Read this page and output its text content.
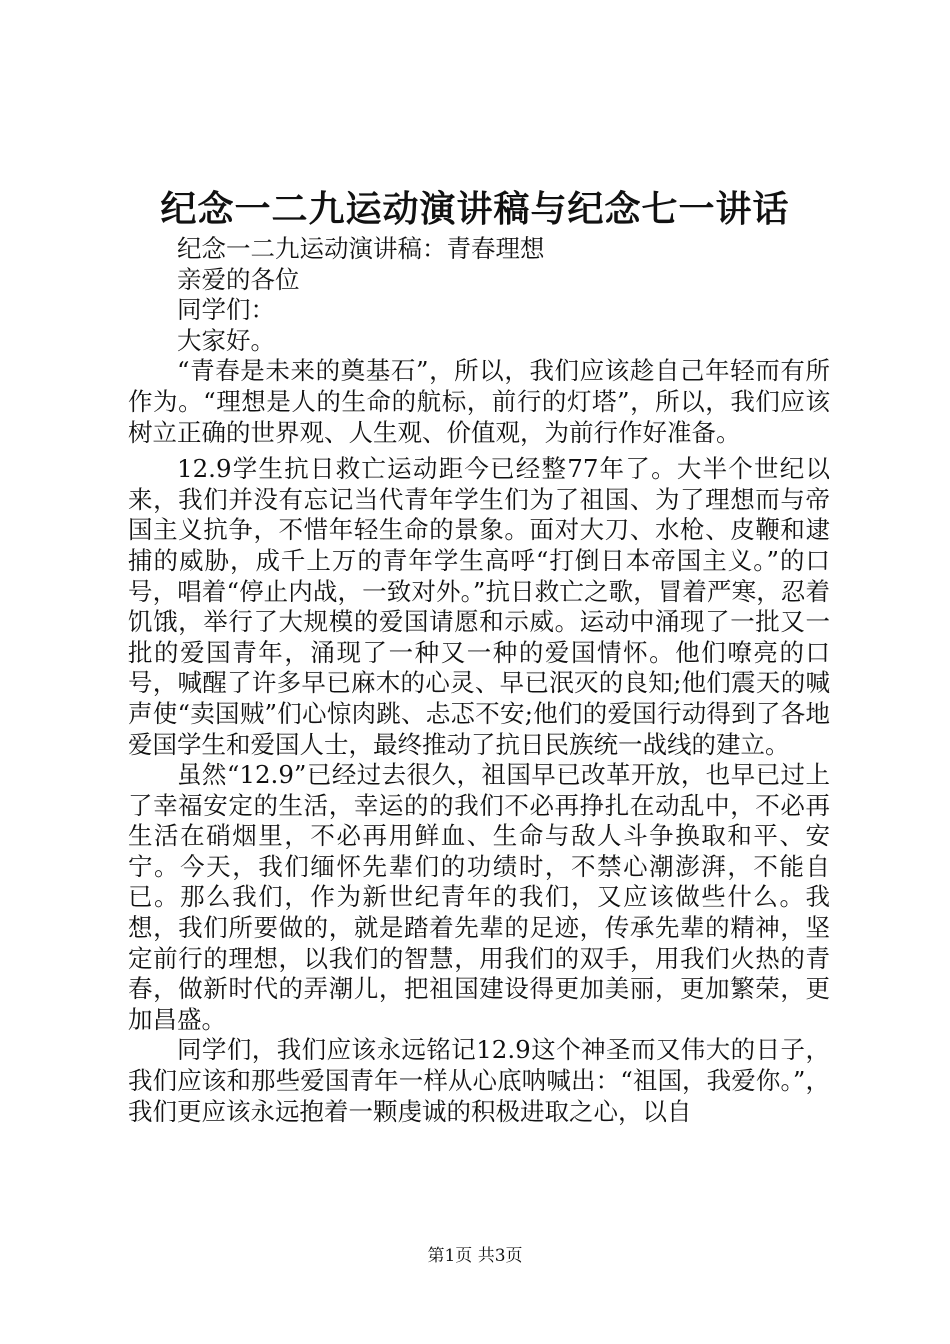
纪念一二九运动演讲稿与纪念七一讲话

纪念一二九运动演讲稿：青春理想

亲爱的各位

同学们：

大家好。

“青春是未来的奠基石”，所以，我们应该趁自己年轻而有所作为。“理想是人的生命的航标，前行的灯塔”，所以，我们应该树立正确的世界观、人生观、价值观，为前行作好准备。

12.9学生抗日救亡运动距今已经整77年了。大半个世纪以来，我们并没有忘记当代青年学生们为了祖国、为了理想而与帝国主义抗争，不惜年轻生命的景象。面对大刀、水枪、皮鞭和逮捕的威胁，成千上万的青年学生高呼“打倒日本帝国主义。”的口号，唱着“停止内战，一致对外。”抗日救亡之歌，冒着严寒，忍着饥饿，举行了大规模的爱国请愿和示威。运动中涌现了一批又一批的爱国青年，涌现了一种又一种的爱国情怀。他们嘹亮的口号，喊醒了许多早已麻木的心灵、早已泯灭的良知;他们震天的喊声使“卖国贼”们心惊肉跳、忐忑不安;他们的爱国行动得到了各地爱国学生和爱国人士，最终推动了抗日民族统一战线的建立。

虽然“12.9”已经过去很久，祖国早已改革开放，也早已过上了幸福安定的生活，幸运的的我们不必再挣扎在动乱中，不必再生活在硝烟里，不必再用鲜血、生命与敌人斗争换取和平、安宁。今天，我们缅怀先辈们的功绩时，不禁心潮澎湃，不能自已。那么我们，作为新世纪青年的我们，又应该做些什么。我想，我们所要做的，就是踏着先辈的足迹，传承先辈的精神，坚定前行的理想，以我们的智慧，用我们的双手，用我们火热的青春，做新时代的弄潮儿，把祖国建设得更加美丽，更加繁荣，更加昌盛。

同学们，我们应该永远铭记12.9这个神圣而又伟大的日子，我们应该和那些爱国青年一样从心底呐喊出：“祖国，我爱你。”，我们更应该永远抱着一颗虔诚的积极进取之心，以自

第1页 共3页
